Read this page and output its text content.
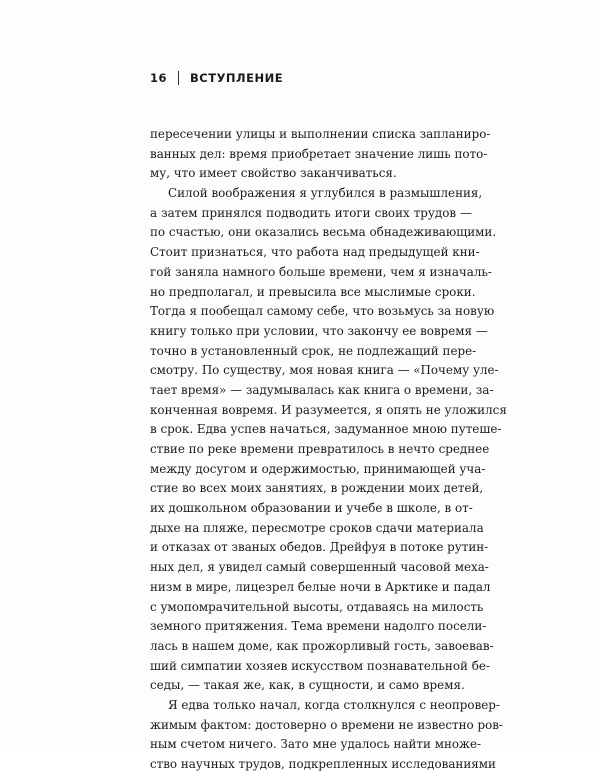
16 ВСТУПЛЕНИЕ
пересечении улицы и выполнении списка запланиро-
ванных дел: время приобретает значение лишь пото-
му, что имеет свойство заканчиваться.
Силой воображения я углубился в размышления,
а затем принялся подводить итоги своих трудов —
по счастью, они оказались весьма обнадеживающими.
Стоит признаться, что работа над предыдущей кни-
гой заняла намного больше времени, чем я изначаль-
но предполагал, и превысила все мыслимые сроки.
Тогда я пообещал самому себе, что возьмусь за новую
книгу только при условии, что закончу ее вовремя —
точно в установленный срок, не подлежащий пере-
смотру. По существу, моя новая книга — «Почему уле-
тает время» — задумывалась как книга о времени, за-
конченная вовремя. И разумеется, я опять не уложился
в срок. Едва успев начаться, задуманное мною путеше-
ствие по реке времени превратилось в нечто среднее
между досугом и одержимостью, принимающей уча-
стие во всех моих занятиях, в рождении моих детей,
их дошкольном образовании и учебе в школе, в от-
дыхе на пляже, пересмотре сроков сдачи материала
и отказах от званых обедов. Дрейфуя в потоке рутин-
ных дел, я увидел самый совершенный часовой меха-
низм в мире, лицезрел белые ночи в Арктике и падал
с умопомрачительной высоты, отдаваясь на милость
земного притяжения. Тема времени надолго посели-
лась в нашем доме, как прожорливый гость, завоевав-
ший симпатии хозяев искусством познавательной бе-
седы, — такая же, как, в сущности, и само время.
Я едва только начал, когда столкнулся с неопровер-
жимым фактом: достоверно о времени не известно ров-
ным счетом ничего. Зато мне удалось найти множе-
ство научных трудов, подкрепленных исследованиями
